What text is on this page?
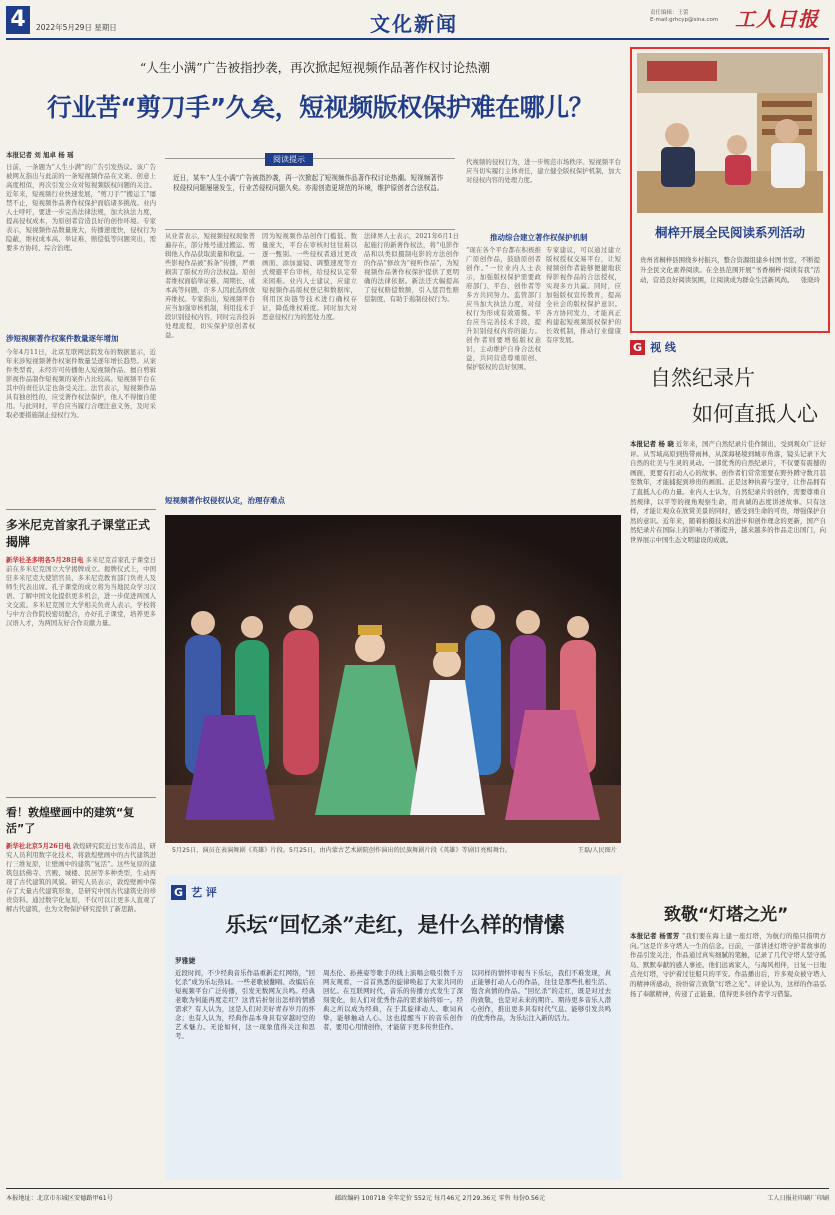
4	2022年5月29日 星期日	文化新闻	责任编辑：王蕾
E-mail:grhcyp@sina.com 工人日报
“人生小满”广告被指抄袭，再次掀起短视频作品著作权讨论热潮
行业苦“剪刀手”久矣，短视频版权保护难在哪儿？
本报记者 刘 旭卓 杨 瑶
日前，一条题为“人生小满”的广告引发热议。该广告被网友指出与此前的一条短视频作品在文案、创意上高度相似，再次引发公众对短视频版权问题的关注。近年来，短视频行业快速发展，“剪刀手”“搬运工”屡禁不止，短视频作品著作权保护面临诸多挑战。业内人士呼吁，要进一步完善法律法规，加大执法力度，提高侵权成本，为原创者营造良好的创作环境。专家表示，短视频作品数量庞大，传播速度快，侵权行为隐蔽，维权成本高、举证难、赔偿低等问题突出，需要多方协同、综合治理。
涉短视频著作权案件数量逐年增加
今年4月11日，北京互联网法院发布的数据显示，近年来涉短视频著作权案件数量呈逐年增长趋势。从案件类型看，未经许可传播他人短视频作品、擅自剪辑影视作品制作短视频的案件占比较高。短视频平台在其中的责任认定也备受关注。法官表示，短视频作品具有独创性的，应受著作权法保护，他人不得擅自使用。与此同时，平台应当履行合理注意义务，及时采取必要措施制止侵权行为。
多米尼克首家孔子课堂正式揭牌
新华社圣多明各5月28日电 多米尼克首家孔子课堂日前在多米尼克国立大学揭牌成立。揭牌仪式上，中国驻多米尼克大使馆官员、多米尼克教育部门负责人及师生代表出席。孔子课堂的成立将为当地民众学习汉语、了解中国文化提供更多机会，进一步促进两国人文交流。多米尼克国立大学相关负责人表示，学校将与中方合作院校密切配合，办好孔子课堂，培养更多汉语人才，为两国友好合作贡献力量。
看！敦煌壁画中的建筑“复活”了
新华社北京5月26日电 敦煌研究院近日发布消息，研究人员利用数字化技术，将敦煌壁画中的古代建筑进行三维复原，让壁画中的建筑“复活”。这些复原的建筑包括佛寺、宫殿、城楼、民居等多种类型，生动再现了古代建筑的风貌。研究人员表示，敦煌壁画中保存了大量古代建筑形象，是研究中国古代建筑史的珍贵资料。通过数字化复原，不仅可以让更多人直观了解古代建筑，也为文物保护研究提供了新思路。
阅读提示
近日，某车“人生小满”广告被指抄袭，再一次掀起了短视频作品著作权讨论热潮。短视频著作权侵权问题屡屡发生，行业苦侵权问题久矣。亦需创造更规范的环境，维护原创者合法权益。
从业者表示，短视频侵权现象普遍存在，部分账号通过搬运、剪辑他人作品获取流量和收益。一些影视作品被“拆条”传播，严重损害了版权方的合法权益。原创者维权面临举证难、周期长、成本高等问题，许多人因此选择放弃维权。专家指出，短视频平台应当加强审核机制，利用技术手段识别侵权内容，同时完善投诉处理流程，切实保护原创者权益。
因为短视频作品创作门槛低、数量庞大，平台在审核时往往难以逐一甄别。一些侵权者通过更改画面、添加滤镜、调整速度等方式规避平台审核，给侵权认定带来困难。业内人士建议，应建立短视频作品版权登记和数据库，利用区块链等技术进行确权存证，降低维权难度。同时加大对恶意侵权行为的惩处力度。
法律界人士表示，2021年6月1日起施行的新著作权法，将“电影作品和以类似摄制电影的方法创作的作品”修改为“视听作品”，为短视频作品著作权保护提供了更明确的法律依据。新法还大幅提高了侵权赔偿数额，引入惩罚性赔偿制度，有助于遏制侵权行为。
短视频著作权侵权认定，治理存难点
代视频的侵权行为，进一步规范市场秩序。短视频平台应当切实履行主体责任，建立健全版权保护机制，加大对侵权内容的处理力度。
推动综合建立著作权保护机制
“现在各个平台都在积极推广原创作品，鼓励原创者创作。”一位业内人士表示，加强版权保护需要政府部门、平台、创作者等多方共同努力。监管部门应当加大执法力度，对侵权行为形成有效震慑。平台应当完善技术手段，提升识别侵权内容的能力。创作者则要增强版权意识，主动维护自身合法权益，共同营造尊重原创、保护版权的良好氛围。
专家建议，可以通过建立版权授权交易平台，让短视频创作者能够便捷地获得影视作品的合法授权，实现多方共赢。同时，应加强版权宣传教育，提高全社会的版权保护意识。各方协同发力，才能真正构建起短视频版权保护的长效机制，推动行业健康有序发展。
5月25日，演员在表演舞剧《英雄》片段。5月25日，由内蒙古艺术剧院创作演出的民族舞剧片段《英雄》等剧目亮相舞台。	王磊/人民图片
G 艺 评
乐坛“回忆杀”走红，是什么样的情愫
罗雅婕
近段时间，不少经典音乐作品重新走红网络，“回忆杀”成为乐坛热词。一些老歌被翻唱、改编后在短视频平台广泛传播，引发无数网友共鸣。经典老歌为何能再度走红？这背后折射出怎样的情感需求？有人认为，这是人们对美好青春岁月的怀念；也有人认为，经典作品本身具有穿越时空的艺术魅力。无论如何，这一现象值得关注和思考。
周杰伦、孙燕姿等歌手的线上演唱会吸引数千万网友观看，一首首熟悉的旋律唤起了大家共同的回忆。在互联网时代，音乐的传播方式发生了深刻变化，但人们对优秀作品的需求始终如一。经典之所以成为经典，在于其旋律动人、歌词真挚，能够触动人心。这也提醒当下的音乐创作者，要用心用情创作，才能留下更多传世佳作。
以同样的情怀审视当下乐坛，我们不难发现，真正能够打动人心的作品，往往是那些扎根生活、饱含真情的作品。“回忆杀”的走红，既是对过去的致敬，也是对未来的期许。期待更多音乐人潜心创作，推出更多具有时代气息、能够引发共鸣的优秀作品，为乐坛注入新的活力。
桐梓开展全民阅读系列活动
贵州省桐梓县围绕乡村振兴，整合资源组建乡村图书室，不断提升全民文化素养阅读。在全县范围开展“书香桐梓·阅读有我”活动，营造良好阅读氛围，让阅读成为群众生活新风尚。 张晓玲
G 视 线
自然纪录片
如何直抵人心
本报记者 杨 晓 近年来，国产自然纪录片佳作频出，受到观众广泛好评。从雪域高原到热带雨林，从深海秘境到城市角落，镜头记录下大自然的壮美与生灵的灵动。一部优秀的自然纪录片，不仅要有震撼的画面，更要有打动人心的故事。创作者们常常需要在野外蹲守数月甚至数年，才能捕捉到珍贵的画面。正是这种执着与坚守，让作品拥有了直抵人心的力量。业内人士认为，自然纪录片的创作，需要尊重自然规律，以平等的视角观察生命，用真诚的态度讲述故事。只有这样，才能让观众在欣赏美景的同时，感受到生命的可贵，增强保护自然的意识。近年来，随着拍摄技术的进步和创作理念的更新，国产自然纪录片在国际上的影响力不断提升，越来越多的作品走出国门，向世界展示中国生态文明建设的成就。
致敬“灯塔之光”
本报记者 杨雪芳 “我们要在海上建一座灯塔，为航行的船只指明方向。”这是许多守塔人一生的信念。日前，一部讲述灯塔守护者故事的作品引发关注，作品通过真实细腻的笔触，记录了几代守塔人坚守孤岛、默默奉献的感人事迹。他们远离家人，与海风相伴，日复一日地点亮灯塔，守护着过往船只的平安。作品播出后，许多观众被守塔人的精神所感动，纷纷留言致敬“灯塔之光”。评论认为，这样的作品弘扬了奉献精神，传递了正能量，值得更多创作者学习借鉴。
本报地址：北京市东城区安德路甲61号	邮政编码 100718 全年定价 552元 每月46元 2月29.36元 零售 每份0.56元	工人日报社印刷厂印刷
